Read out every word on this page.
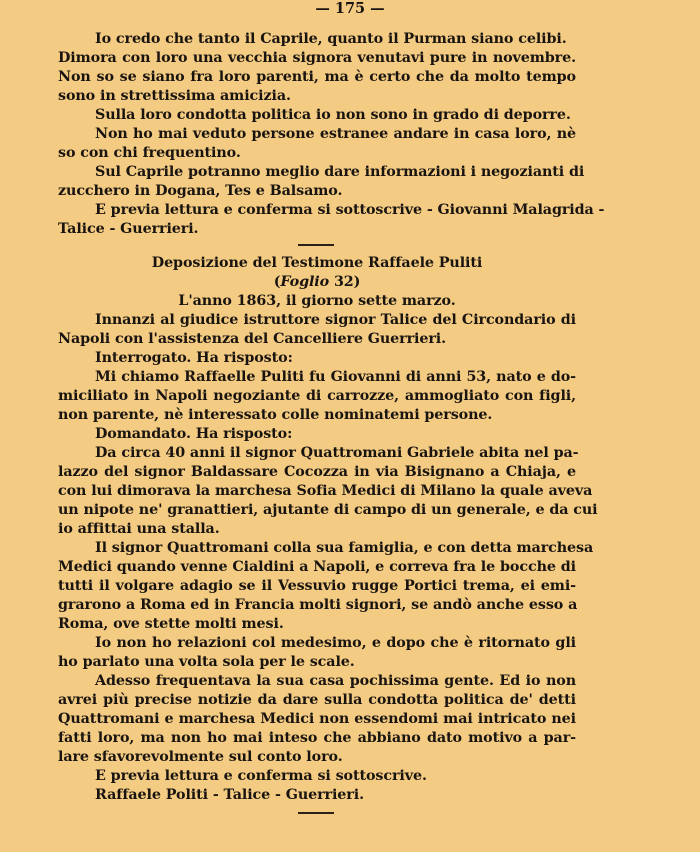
— 175 —
Io credo che tanto il Caprile, quanto il Purman siano celibi.
Dimora con loro una vecchia signora venutavi pure in novembre.
Non so se siano fra loro parenti, ma è certo che da molto tempo
sono in strettissima amicizia.
Sulla loro condotta politica io non sono in grado di deporre.
Non ho mai veduto persone estranee andare in casa loro, nè
so con chi frequentino.
Sul Caprile potranno meglio dare informazioni i negozianti di
zucchero in Dogana, Tes e Balsamo.
E previa lettura e conferma si sottoscrive - Giovanni Malagrida -
Talice - Guerrieri.
Deposizione del Testimone Raffaele Puliti
(Foglio 32)
L'anno 1863, il giorno sette marzo.
Innanzi al giudice istruttore signor Talice del Circondario di
Napoli con l'assistenza del Cancelliere Guerrieri.
Interrogato. Ha risposto:
Mi chiamo Raffaelle Puliti fu Giovanni di anni 53, nato e do-
miciliato in Napoli negoziante di carrozze, ammogliato con figli,
non parente, nè interessato colle nominatemi persone.
Domandato. Ha risposto:
Da circa 40 anni il signor Quattromani Gabriele abita nel pa-
lazzo del signor Baldassare Cocozza in via Bisignano a Chiaja, e
con lui dimorava la marchesa Sofia Medici di Milano la quale aveva
un nipote ne' granattieri, ajutante di campo di un generale, e da cui
io affittai una stalla.
Il signor Quattromani colla sua famiglia, e con detta marchesa
Medici quando venne Cialdini a Napoli, e correva fra le bocche di
tutti il volgare adagio se il Vessuvio rugge Portici trema, ei emi-
grarono a Roma ed in Francia molti signori, se andò anche esso a
Roma, ove stette molti mesi.
Io non ho relazioni col medesimo, e dopo che è ritornato gli
ho parlato una volta sola per le scale.
Adesso frequentava la sua casa pochissima gente. Ed io non
avrei più precise notizie da dare sulla condotta politica de' detti
Quattromani e marchesa Medici non essendomi mai intricato nei
fatti loro, ma non ho mai inteso che abbiano dato motivo a par-
lare sfavorevolmente sul conto loro.
E previa lettura e conferma si sottoscrive.
Raffaele Politi - Talice - Guerrieri.
